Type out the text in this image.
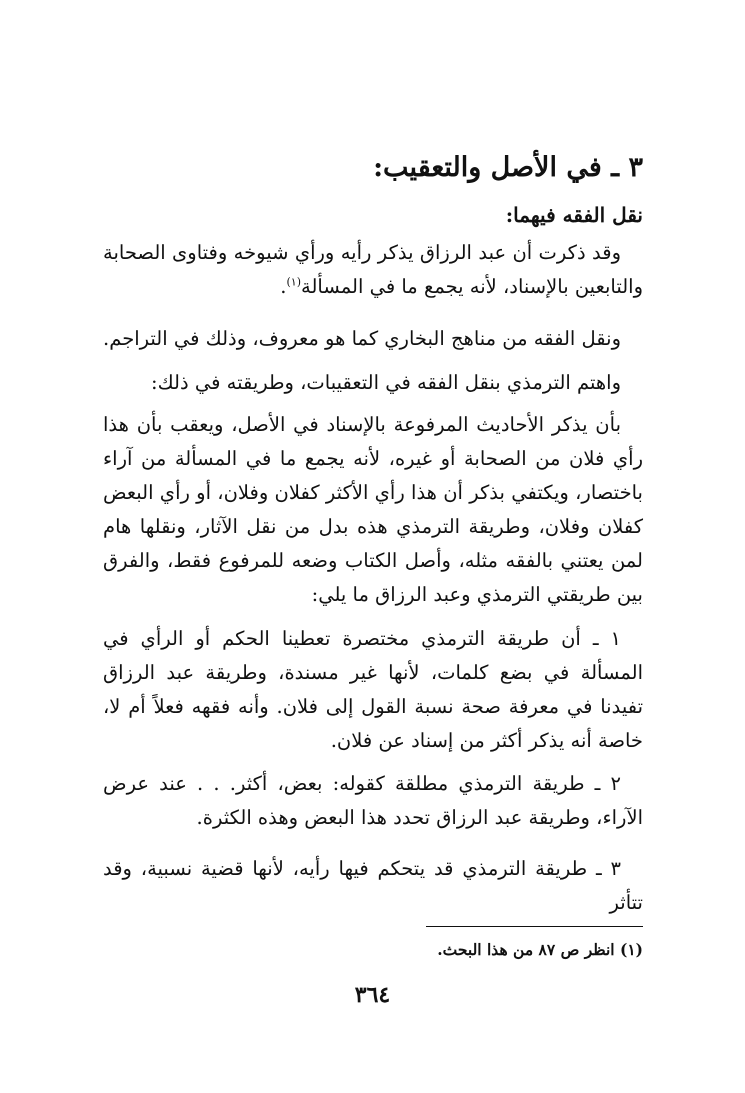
٣ ـ في الأصل والتعقيب:
نقل الفقه فيهما:
وقد ذكرت أن عبد الرزاق يذكر رأيه ورأي شيوخه وفتاوى الصحابة والتابعين بالإسناد، لأنه يجمع ما في المسألة$^{(١)}$.
ونقل الفقه من مناهج البخاري كما هو معروف، وذلك في التراجم.
واهتم الترمذي بنقل الفقه في التعقيبات، وطريقته في ذلك:
بأن يذكر الأحاديث المرفوعة بالإسناد في الأصل، ويعقب بأن هذا رأي فلان من الصحابة أو غيره، لأنه يجمع ما في المسألة من آراء باختصار، ويكتفي بذكر أن هذا رأي الأكثر كفلان وفلان، أو رأي البعض كفلان وفلان، وطريقة الترمذي هذه بدل من نقل الآثار، ونقلها هام لمن يعتني بالفقه مثله، وأصل الكتاب وضعه للمرفوع فقط، والفرق بين طريقتي الترمذي وعبد الرزاق ما يلي:
١ ـ أن طريقة الترمذي مختصرة تعطينا الحكم أو الرأي في المسألة في بضع كلمات، لأنها غير مسندة، وطريقة عبد الرزاق تفيدنا في معرفة صحة نسبة القول إلى فلان. وأنه فقهه فعلاً أم لا، خاصة أنه يذكر أكثر من إسناد عن فلان.
٢ ـ طريقة الترمذي مطلقة كقوله: بعض، أكثر. . . عند عرض الآراء، وطريقة عبد الرزاق تحدد هذا البعض وهذه الكثرة.
٣ ـ طريقة الترمذي قد يتحكم فيها رأيه، لأنها قضية نسبية، وقد تتأثر
(١) انظر ص ٨٧ من هذا البحث.
٣٦٤
